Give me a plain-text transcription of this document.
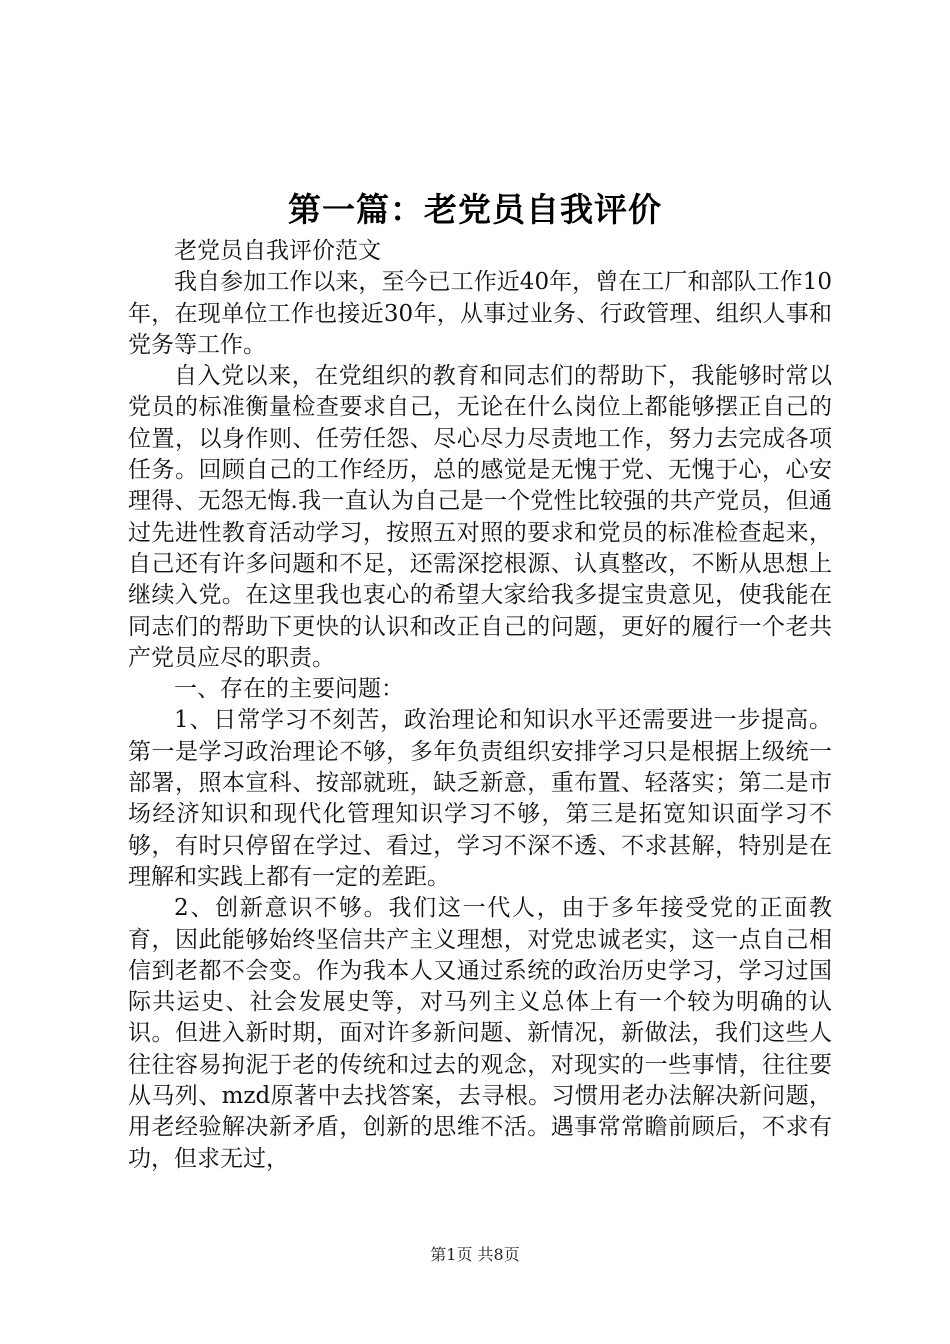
第一篇：老党员自我评价

老党员自我评价范文

我自参加工作以来，至今已工作近40年，曾在工厂和部队工作10年，在现单位工作也接近30年，从事过业务、行政管理、组织人事和党务等工作。

自入党以来，在党组织的教育和同志们的帮助下，我能够时常以党员的标准衡量检查要求自己，无论在什么岗位上都能够摆正自己的位置，以身作则、任劳任怨、尽心尽力尽责地工作，努力去完成各项任务。回顾自己的工作经历，总的感觉是无愧于党、无愧于心，心安理得、无怨无悔.我一直认为自己是一个党性比较强的共产党员，但通过先进性教育活动学习，按照五对照的要求和党员的标准检查起来，自己还有许多问题和不足，还需深挖根源、认真整改，不断从思想上继续入党。在这里我也衷心的希望大家给我多提宝贵意见，使我能在同志们的帮助下更快的认识和改正自己的问题，更好的履行一个老共产党员应尽的职责。

一、存在的主要问题：

1、日常学习不刻苦，政治理论和知识水平还需要进一步提高。第一是学习政治理论不够，多年负责组织安排学习只是根据上级统一部署，照本宣科、按部就班，缺乏新意，重布置、轻落实；第二是市场经济知识和现代化管理知识学习不够，第三是拓宽知识面学习不够，有时只停留在学过、看过，学习不深不透、不求甚解，特别是在理解和实践上都有一定的差距。

2、创新意识不够。我们这一代人，由于多年接受党的正面教育，因此能够始终坚信共产主义理想，对党忠诚老实，这一点自己相信到老都不会变。作为我本人又通过系统的政治历史学习，学习过国际共运史、社会发展史等，对马列主义总体上有一个较为明确的认识。但进入新时期，面对许多新问题、新情况，新做法，我们这些人往往容易拘泥于老的传统和过去的观念，对现实的一些事情，往往要从马列、mzd原著中去找答案，去寻根。习惯用老办法解决新问题，用老经验解决新矛盾，创新的思维不活。遇事常常瞻前顾后，不求有功，但求无过，

第1页 共8页
